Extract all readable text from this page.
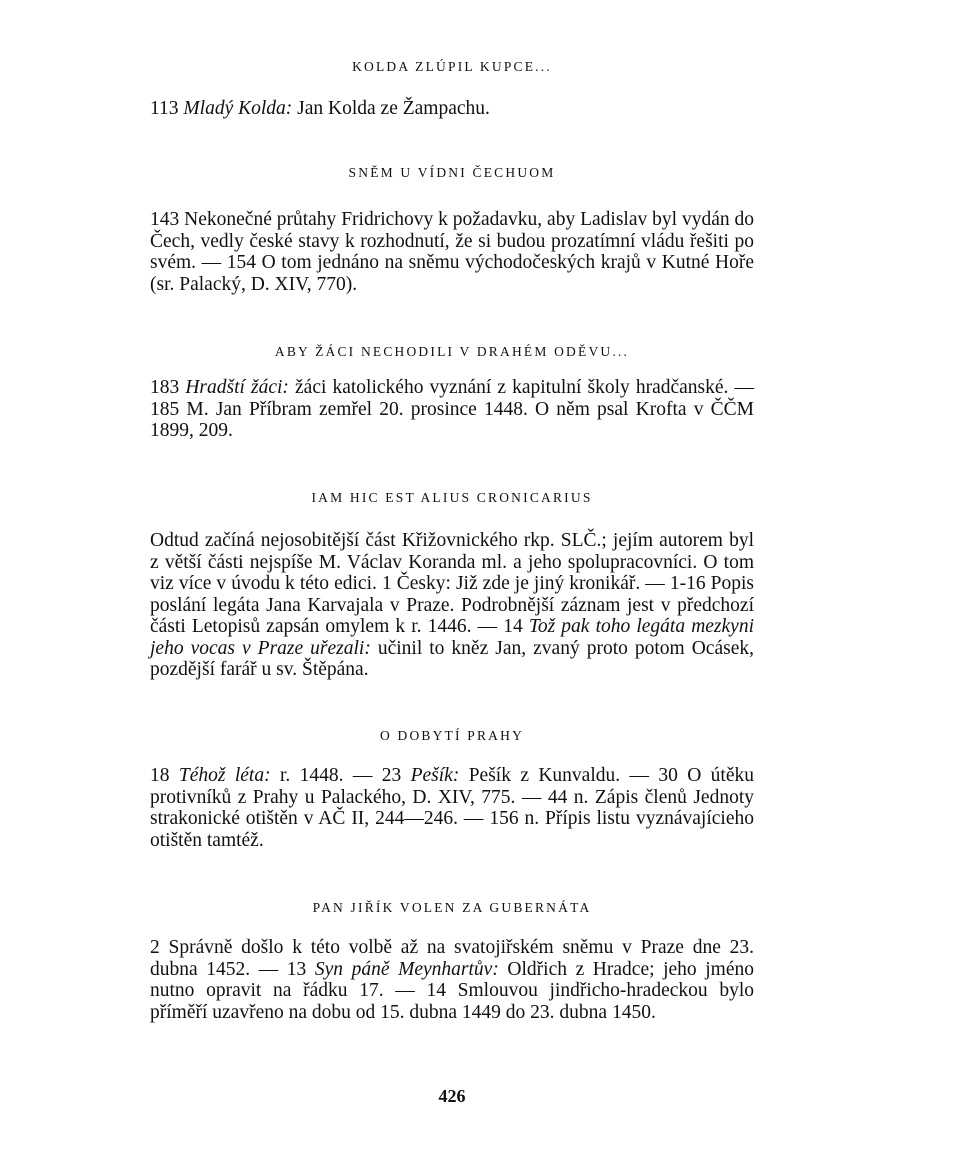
KOLDA ZLÚPIL KUPCE...

113 Mladý Kolda: Jan Kolda ze Žampachu.

SNĚM U VÍDNI ČECHUOM

143 Nekonečné průtahy Fridrichovy k požadavku, aby Ladislav byl vydán do Čech, vedly české stavy k rozhodnutí, že si budou prozatímní vládu řešiti po svém. — 154 O tom jednáno na sněmu východočeských krajů v Kutné Hoře (sr. Palacký, D. XIV, 770).

ABY ŽÁCI NECHODILI V DRAHÉM ODĚVU...

183 Hradští žáci: žáci katolického vyznání z kapitulní školy hradčanské. — 185 M. Jan Příbram zemřel 20. prosince 1448. O něm psal Krofta v ČČM 1899, 209.

IAM HIC EST ALIUS CRONICARIUS

Odtud začíná nejosobitější část Křižovnického rkp. SLČ.; jejím autorem byl z větší části nejspíše M. Václav Koranda ml. a jeho spolupracovníci. O tom viz více v úvodu k této edici. 1 Česky: Již zde je jiný kronikář. — 1-16 Popis poslání legáta Jana Karvajala v Praze. Podrobnější záznam jest v předchozí části Letopisů zapsán omylem k r. 1446. — 14 Tož pak toho legáta mezkyni jeho vocas v Praze uřezali: učinil to kněz Jan, zvaný proto potom Ocásek, pozdější farář u sv. Štěpána.

O DOBYTÍ PRAHY

18 Téhož léta: r. 1448. — 23 Pešík: Pešík z Kunvaldu. — 30 O útěku protivníků z Prahy u Palackého, D. XIV, 775. — 44 n. Zápis členů Jednoty strakonické otištěn v AČ II, 244—246. — 156 n. Přípis listu vyznávajícieho otištěn tamtéž.

PAN JIŘÍK VOLEN ZA GUBERNÁTA

2 Správně došlo k této volbě až na svatojiřském sněmu v Praze dne 23. dubna 1452. — 13 Syn páně Meynhartův: Oldřich z Hradce; jeho jméno nutno opravit na řádku 17. — 14 Smlouvou jindřicho-hradeckou bylo příměří uzavřeno na dobu od 15. dubna 1449 do 23. dubna 1450.

426
